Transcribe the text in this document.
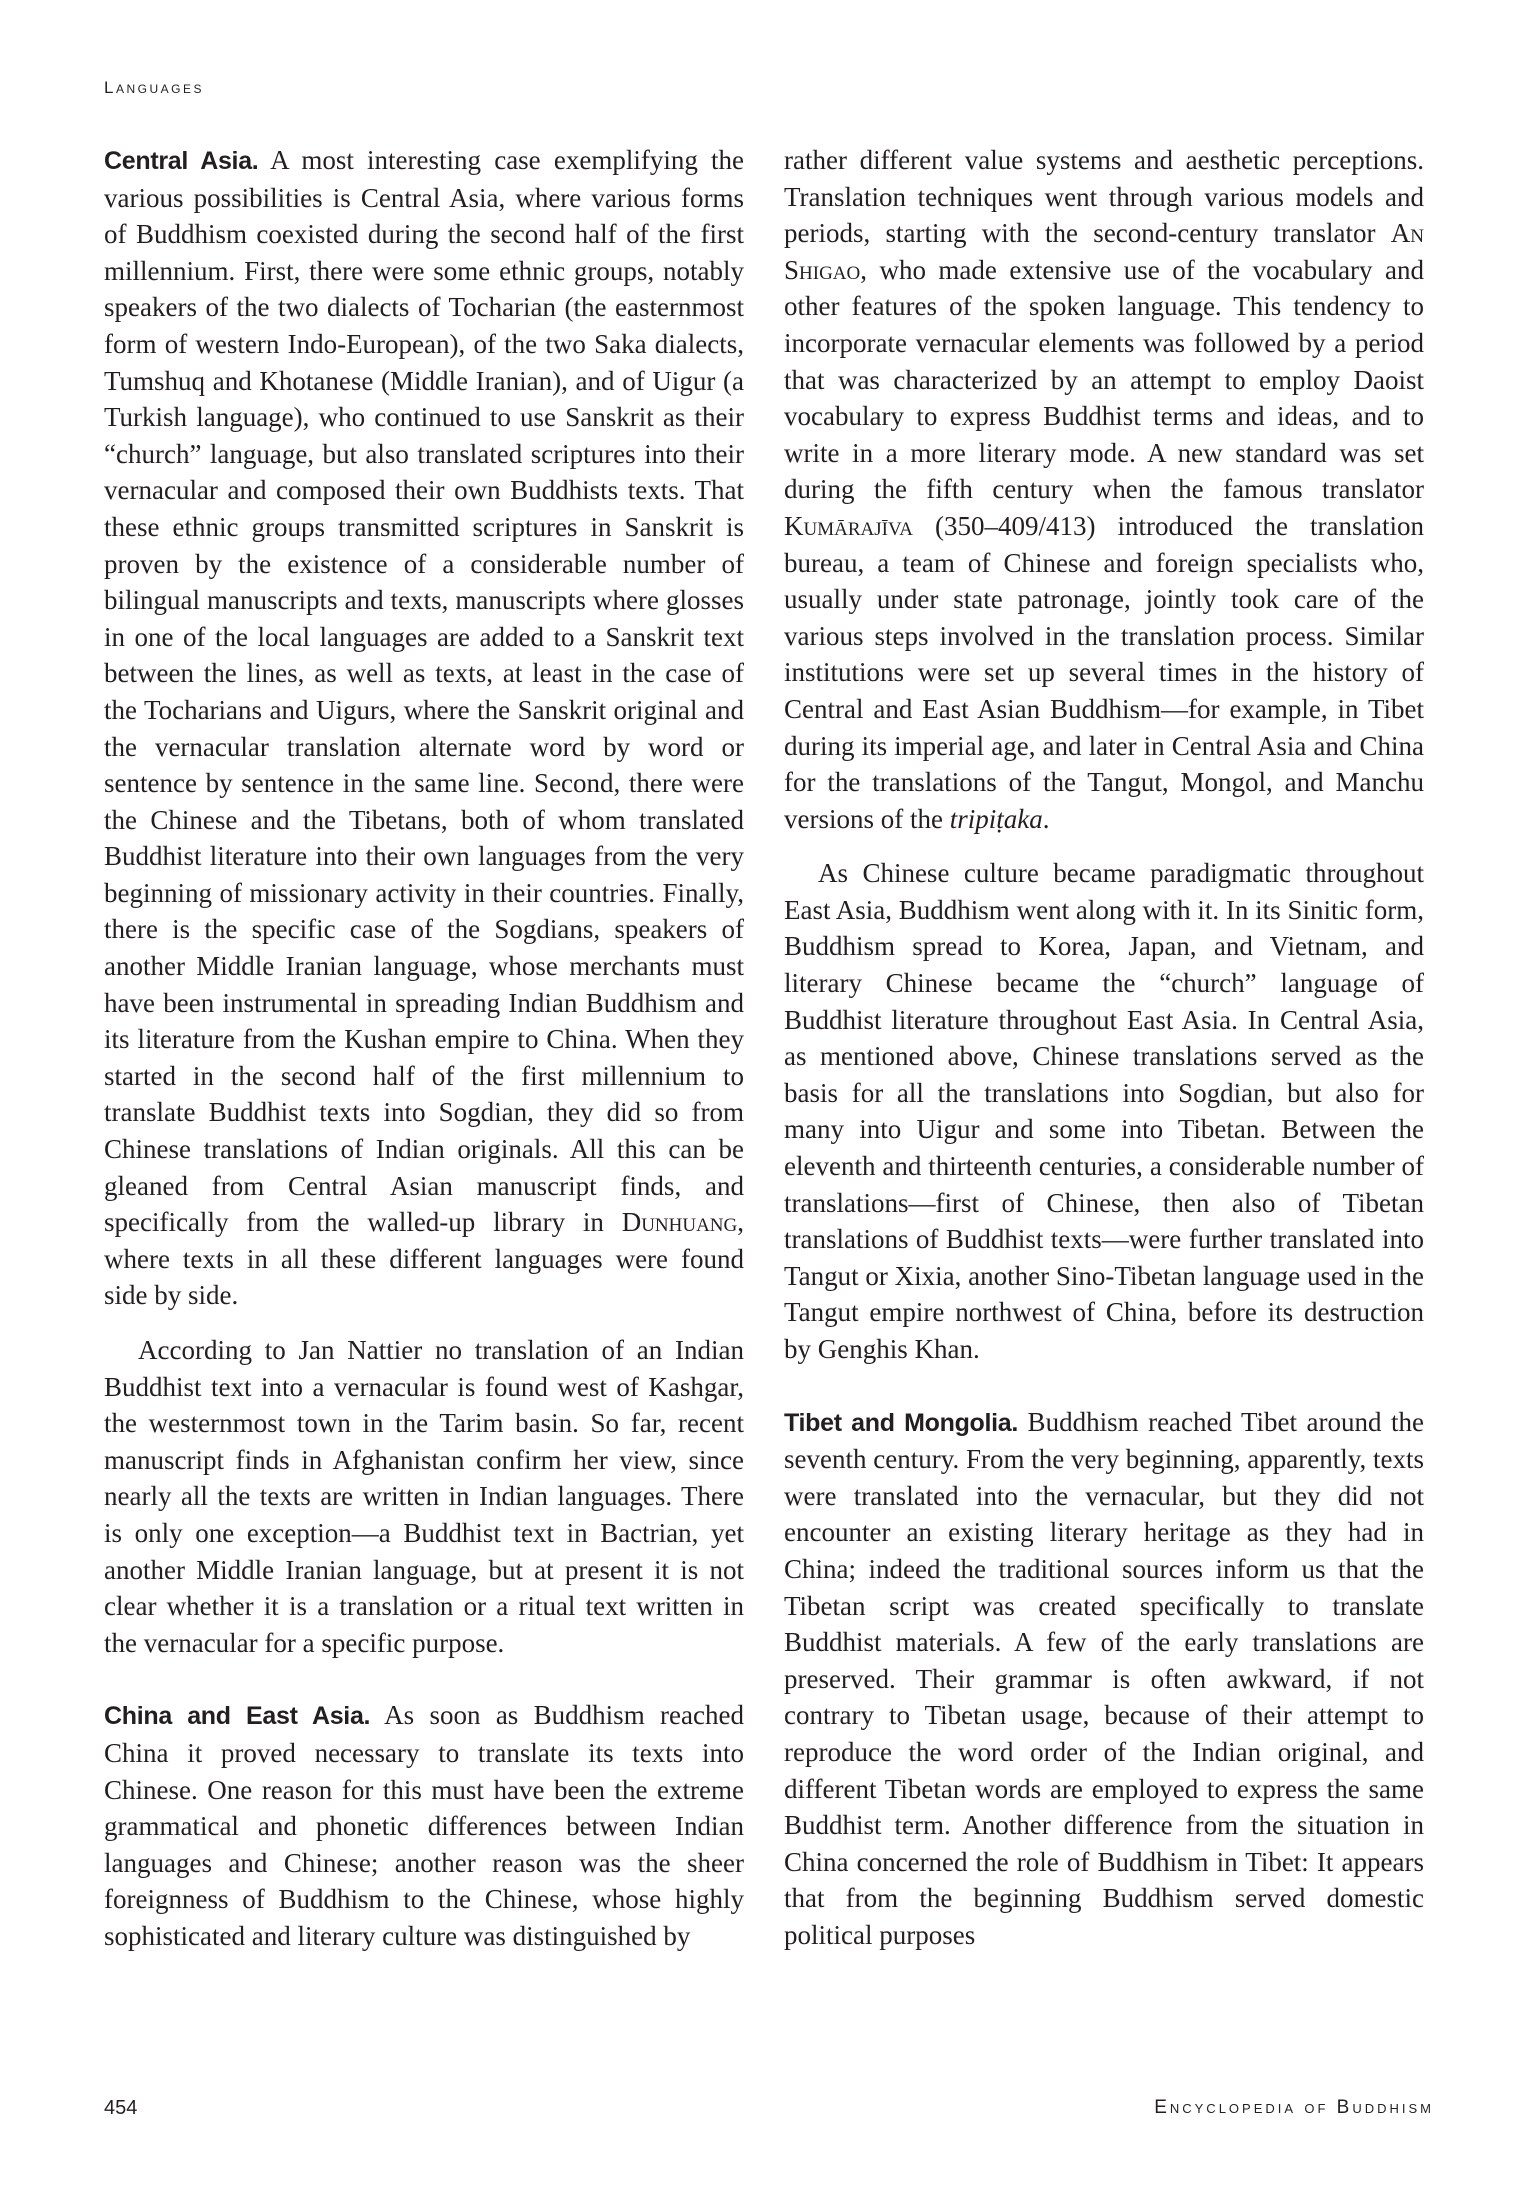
Languages

Central Asia. A most interesting case exemplifying the various possibilities is Central Asia, where various forms of Buddhism coexisted during the second half of the first millennium. First, there were some ethnic groups, notably speakers of the two dialects of Tocharian (the easternmost form of western Indo-European), of the two Saka dialects, Tumshuq and Khotanese (Middle Iranian), and of Uigur (a Turkish language), who continued to use Sanskrit as their “church” language, but also translated scriptures into their vernacular and composed their own Buddhists texts. That these ethnic groups transmitted scriptures in Sanskrit is proven by the existence of a considerable number of bilingual manuscripts and texts, manuscripts where glosses in one of the local languages are added to a Sanskrit text between the lines, as well as texts, at least in the case of the Tocharians and Uigurs, where the Sanskrit original and the vernacular translation alternate word by word or sentence by sentence in the same line. Second, there were the Chinese and the Tibetans, both of whom translated Buddhist literature into their own languages from the very beginning of missionary activity in their countries. Finally, there is the specific case of the Sogdians, speakers of another Middle Iranian language, whose merchants must have been instrumental in spreading Indian Buddhism and its literature from the Kushan empire to China. When they started in the second half of the first millennium to translate Buddhist texts into Sogdian, they did so from Chinese translations of Indian originals. All this can be gleaned from Central Asian manuscript finds, and specifically from the walled-up library in Dunhuang, where texts in all these different languages were found side by side.

According to Jan Nattier no translation of an Indian Buddhist text into a vernacular is found west of Kashgar, the westernmost town in the Tarim basin. So far, recent manuscript finds in Afghanistan confirm her view, since nearly all the texts are written in Indian languages. There is only one exception—a Buddhist text in Bactrian, yet another Middle Iranian language, but at present it is not clear whether it is a translation or a ritual text written in the vernacular for a specific purpose.

China and East Asia. As soon as Buddhism reached China it proved necessary to translate its texts into Chinese. One reason for this must have been the extreme grammatical and phonetic differences between Indian languages and Chinese; another reason was the sheer foreignness of Buddhism to the Chinese, whose highly sophisticated and literary culture was distinguished by

rather different value systems and aesthetic perceptions. Translation techniques went through various models and periods, starting with the second-century translator An Shigao, who made extensive use of the vocabulary and other features of the spoken language. This tendency to incorporate vernacular elements was followed by a period that was characterized by an attempt to employ Daoist vocabulary to express Buddhist terms and ideas, and to write in a more literary mode. A new standard was set during the fifth century when the famous translator Kumārajīva (350–409/413) introduced the translation bureau, a team of Chinese and foreign specialists who, usually under state patronage, jointly took care of the various steps involved in the translation process. Similar institutions were set up several times in the history of Central and East Asian Buddhism—for example, in Tibet during its imperial age, and later in Central Asia and China for the translations of the Tangut, Mongol, and Manchu versions of the tripiṭaka.

As Chinese culture became paradigmatic throughout East Asia, Buddhism went along with it. In its Sinitic form, Buddhism spread to Korea, Japan, and Vietnam, and literary Chinese became the “church” language of Buddhist literature throughout East Asia. In Central Asia, as mentioned above, Chinese translations served as the basis for all the translations into Sogdian, but also for many into Uigur and some into Tibetan. Between the eleventh and thirteenth centuries, a considerable number of translations—first of Chinese, then also of Tibetan translations of Buddhist texts—were further translated into Tangut or Xixia, another Sino-Tibetan language used in the Tangut empire northwest of China, before its destruction by Genghis Khan.

Tibet and Mongolia. Buddhism reached Tibet around the seventh century. From the very beginning, apparently, texts were translated into the vernacular, but they did not encounter an existing literary heritage as they had in China; indeed the traditional sources inform us that the Tibetan script was created specifically to translate Buddhist materials. A few of the early translations are preserved. Their grammar is often awkward, if not contrary to Tibetan usage, because of their attempt to reproduce the word order of the Indian original, and different Tibetan words are employed to express the same Buddhist term. Another difference from the situation in China concerned the role of Buddhism in Tibet: It appears that from the beginning Buddhism served domestic political purposes

454	Encyclopedia of Buddhism
